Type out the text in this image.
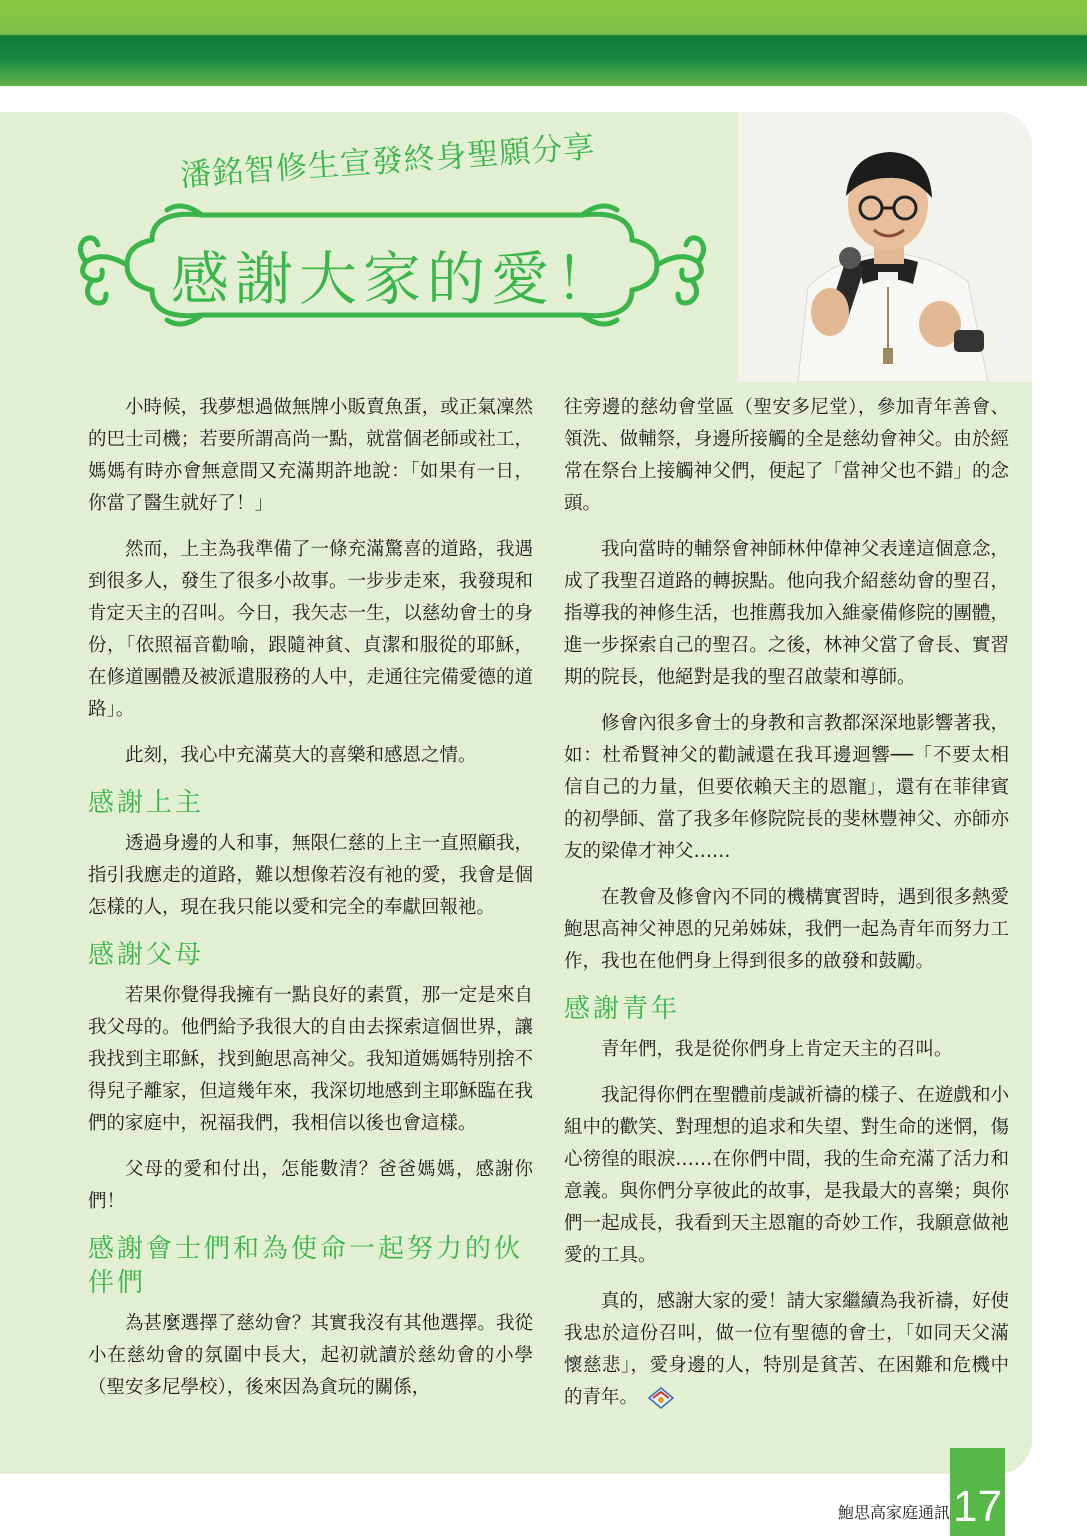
潘銘智修生宣發終身聖願分享
感謝大家的愛！

小時候，我夢想過做無牌小販賣魚蛋，或正氣凜然的巴士司機；若要所謂高尚一點，就當個老師或社工，媽媽有時亦會無意間又充滿期許地說：「如果有一日，你當了醫生就好了！」

然而，上主為我準備了一條充滿驚喜的道路，我遇到很多人，發生了很多小故事。一步步走來，我發現和肯定天主的召叫。今日，我矢志一生，以慈幼會士的身份，「依照福音勸喻，跟隨神貧、貞潔和服從的耶穌，在修道團體及被派遣服務的人中，走通往完備愛德的道路」。

此刻，我心中充滿莫大的喜樂和感恩之情。

感謝上主

透過身邊的人和事，無限仁慈的上主一直照顧我，指引我應走的道路，難以想像若沒有祂的愛，我會是個怎樣的人，現在我只能以愛和完全的奉獻回報祂。

感謝父母

若果你覺得我擁有一點良好的素質，那一定是來自我父母的。他們給予我很大的自由去探索這個世界，讓我找到主耶穌，找到鮑思高神父。我知道媽媽特別捨不得兒子離家，但這幾年來，我深切地感到主耶穌臨在我們的家庭中，祝福我們，我相信以後也會這樣。

父母的愛和付出，怎能數清？爸爸媽媽，感謝你們！

感謝會士們和為使命一起努力的伙伴們

為甚麼選擇了慈幼會？其實我沒有其他選擇。我從小在慈幼會的氛圍中長大，起初就讀於慈幼會的小學（聖安多尼學校），後來因為貪玩的關係，

往旁邊的慈幼會堂區（聖安多尼堂），參加青年善會、領洗、做輔祭，身邊所接觸的全是慈幼會神父。由於經常在祭台上接觸神父們，便起了「當神父也不錯」的念頭。

我向當時的輔祭會神師林仲偉神父表達這個意念，成了我聖召道路的轉捩點。他向我介紹慈幼會的聖召，指導我的神修生活，也推薦我加入維豪備修院的團體，進一步探索自己的聖召。之後，林神父當了會長、實習期的院長，他絕對是我的聖召啟蒙和導師。

修會內很多會士的身教和言教都深深地影響著我，如：杜希賢神父的勸誡還在我耳邊迴響──「不要太相信自己的力量，但要依賴天主的恩寵」，還有在菲律賓的初學師、當了我多年修院院長的斐林豐神父、亦師亦友的梁偉才神父……

在教會及修會內不同的機構實習時，遇到很多熱愛鮑思高神父神恩的兄弟姊妹，我們一起為青年而努力工作，我也在他們身上得到很多的啟發和鼓勵。

感謝青年

青年們，我是從你們身上肯定天主的召叫。

我記得你們在聖體前虔誠祈禱的樣子、在遊戲和小組中的歡笑、對理想的追求和失望、對生命的迷惘，傷心徬徨的眼淚……在你們中間，我的生命充滿了活力和意義。與你們分享彼此的故事，是我最大的喜樂；與你們一起成長，我看到天主恩寵的奇妙工作，我願意做祂愛的工具。

真的，感謝大家的愛！請大家繼續為我祈禱，好使我忠於這份召叫，做一位有聖德的會士，「如同天父滿懷慈悲」，愛身邊的人，特別是貧苦、在困難和危機中的青年。

鮑思高家庭通訊 17
